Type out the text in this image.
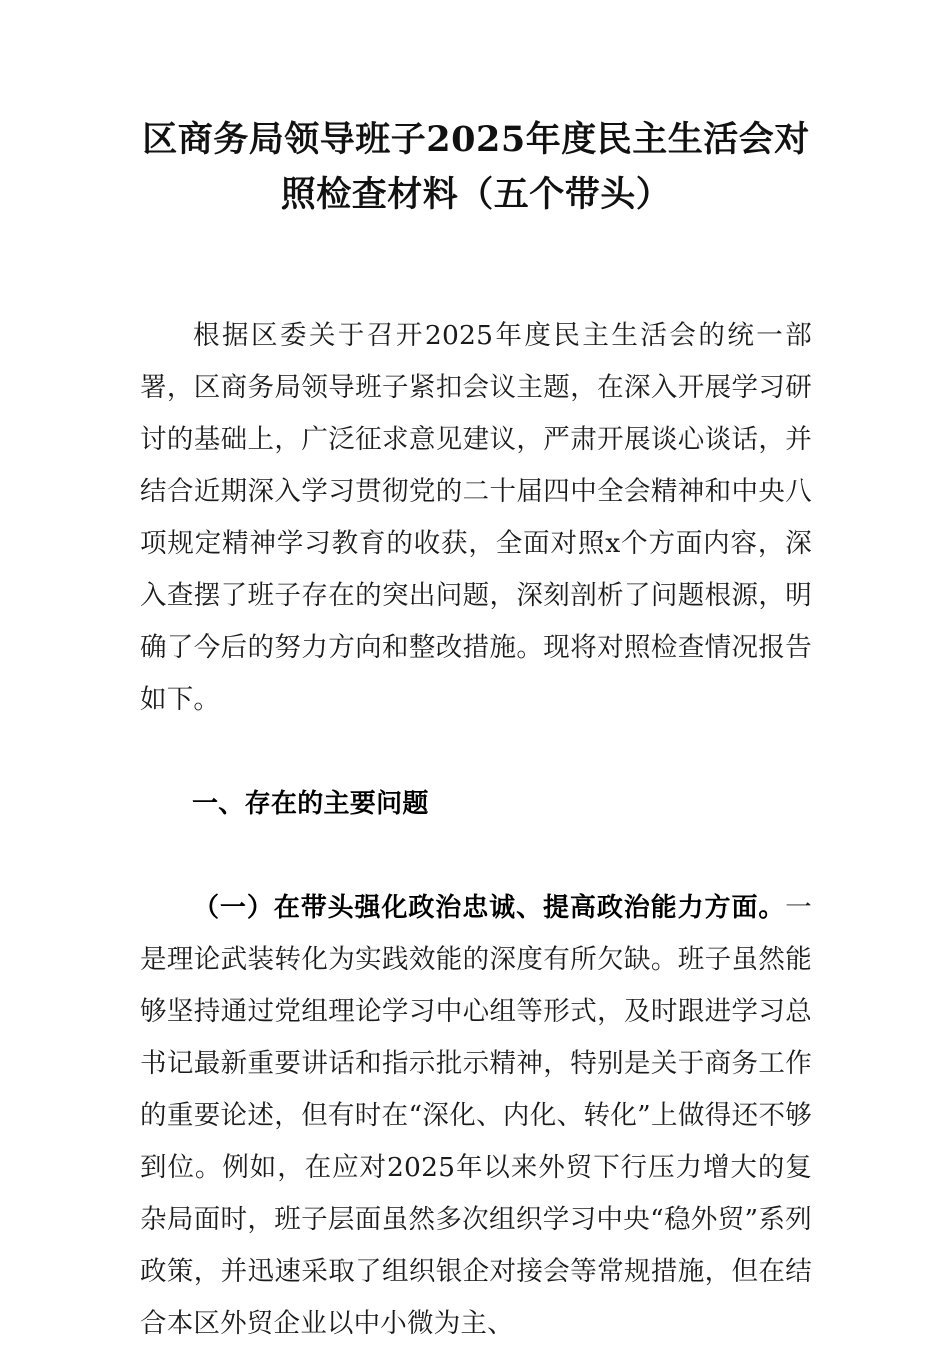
区商务局领导班子2025年度民主生活会对照检查材料（五个带头）

根据区委关于召开2025年度民主生活会的统一部署，区商务局领导班子紧扣会议主题，在深入开展学习研讨的基础上，广泛征求意见建议，严肃开展谈心谈话，并结合近期深入学习贯彻党的二十届四中全会精神和中央八项规定精神学习教育的收获，全面对照x个方面内容，深入查摆了班子存在的突出问题，深刻剖析了问题根源，明确了今后的努力方向和整改措施。现将对照检查情况报告如下。

一、存在的主要问题

（一）在带头强化政治忠诚、提高政治能力方面。一是理论武装转化为实践效能的深度有所欠缺。班子虽然能够坚持通过党组理论学习中心组等形式，及时跟进学习总书记最新重要讲话和指示批示精神，特别是关于商务工作的重要论述，但有时在“深化、内化、转化”上做得还不够到位。例如，在应对2025年以来外贸下行压力增大的复杂局面时，班子层面虽然多次组织学习中央“稳外贸”系列政策，并迅速采取了组织银企对接会等常规措施，但在结合本区外贸企业以中小微为主、
